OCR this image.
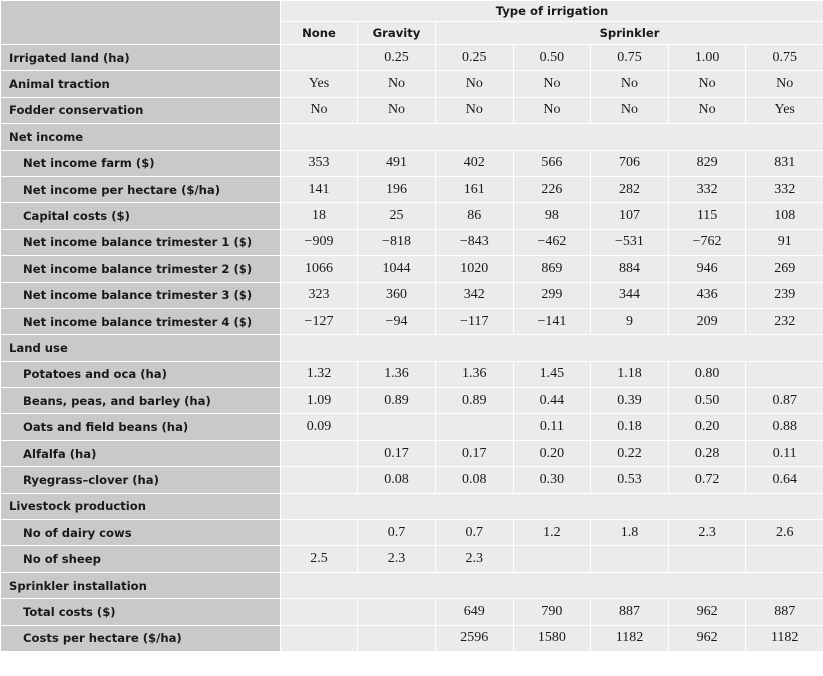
	Type of irrigation						
	None	Gravity	Sprinkler				
Irrigated land (ha)		0.25	0.25	0.50	0.75	1.00	0.75
Animal traction	Yes	No	No	No	No	No	No
Fodder conservation	No	No	No	No	No	No	Yes
Net income							
Net income farm ($)	353	491	402	566	706	829	831
Net income per hectare ($/ha)	141	196	161	226	282	332	332
Capital costs ($)	18	25	86	98	107	115	108
Net income balance trimester 1 ($)	−909	−818	−843	−462	−531	−762	91
Net income balance trimester 2 ($)	1066	1044	1020	869	884	946	269
Net income balance trimester 3 ($)	323	360	342	299	344	436	239
Net income balance trimester 4 ($)	−127	−94	−117	−141	9	209	232
Land use							
Potatoes and oca (ha)	1.32	1.36	1.36	1.45	1.18	0.80	
Beans, peas, and barley (ha)	1.09	0.89	0.89	0.44	0.39	0.50	0.87
Oats and field beans (ha)	0.09			0.11	0.18	0.20	0.88
Alfalfa (ha)		0.17	0.17	0.20	0.22	0.28	0.11
Ryegrass–clover (ha)		0.08	0.08	0.30	0.53	0.72	0.64
Livestock production							
No of dairy cows		0.7	0.7	1.2	1.8	2.3	2.6
No of sheep	2.5	2.3	2.3				
Sprinkler installation							
Total costs ($)			649	790	887	962	887
Costs per hectare ($/ha)			2596	1580	1182	962	1182
